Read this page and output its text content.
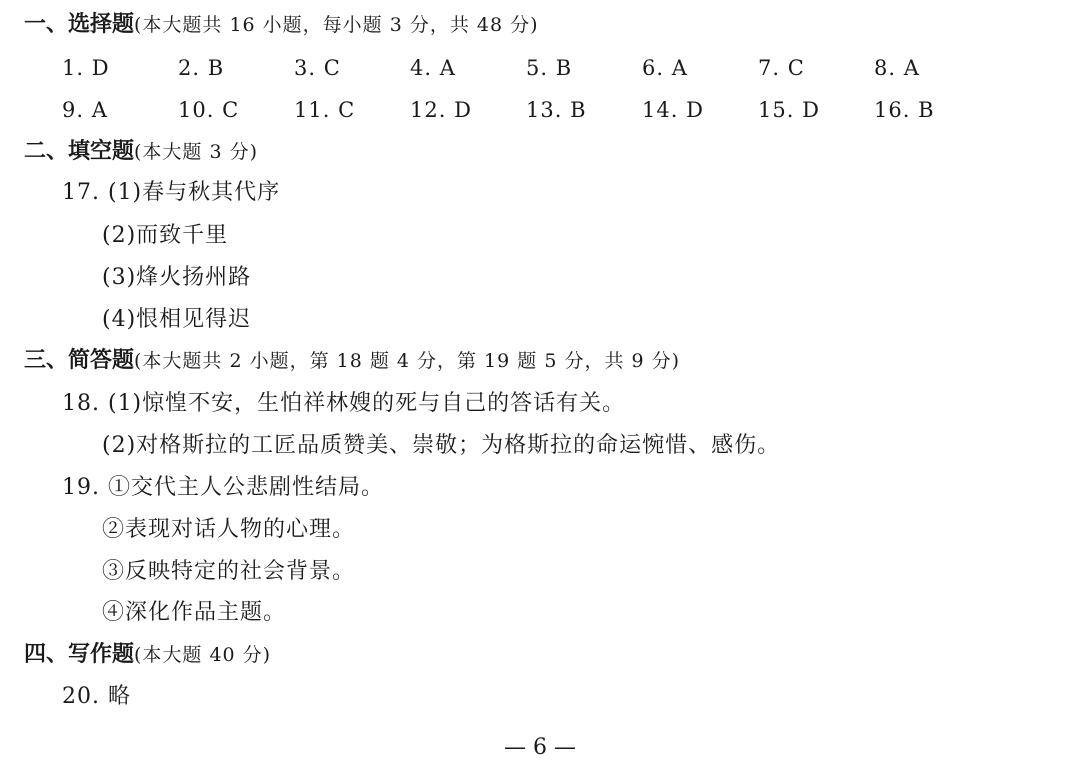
一、选择题(本大题共 16 小题，每小题 3 分，共 48 分)
1. D	2. B	3. C	4. A	5. B	6. A	7. C	8. A
9. A	10. C	11. C	12. D	13. B	14. D	15. D	16. B
二、填空题(本大题 3 分)
17. (1)春与秋其代序
(2)而致千里
(3)烽火扬州路
(4)恨相见得迟
三、简答题(本大题共 2 小题，第 18 题 4 分，第 19 题 5 分，共 9 分)
18. (1)惊惶不安，生怕祥林嫂的死与自己的答话有关。
(2)对格斯拉的工匠品质赞美、崇敬；为格斯拉的命运惋惜、感伤。
19. ①交代主人公悲剧性结局。
②表现对话人物的心理。
③反映特定的社会背景。
④深化作品主题。
四、写作题(本大题 40 分)
20. 略
— 6 —
